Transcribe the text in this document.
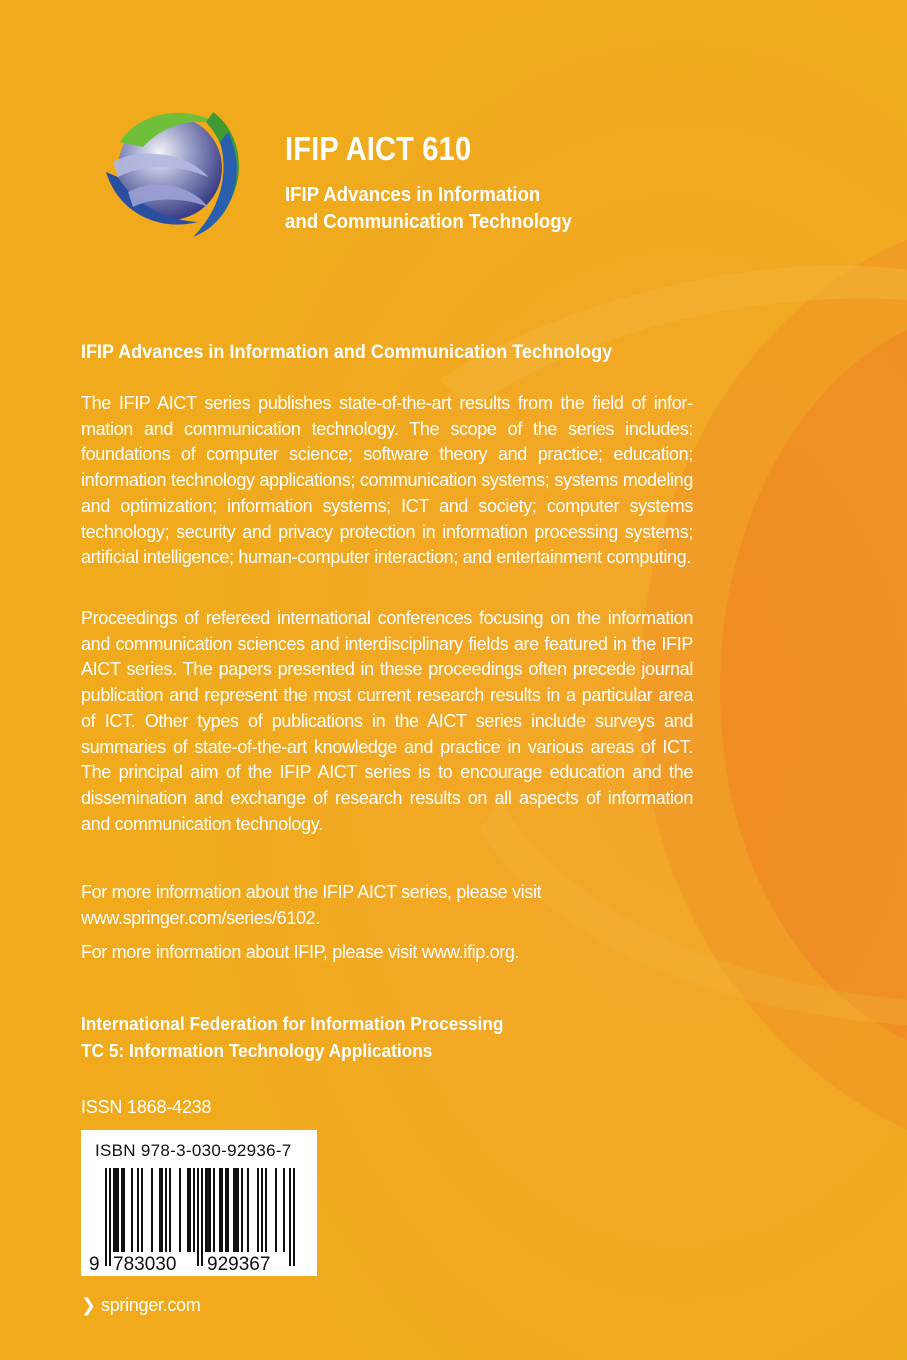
IFIP AICT 610
IFIP Advances in Information
and Communication Technology
IFIP Advances in Information and Communication Technology
The IFIP AICT series publishes state-of-the-art results from the field of information and communication technology. The scope of the series includes: foundations of computer science; software theory and practice; education; information technology applications; communication systems; systems modeling and optimization; information systems; ICT and society; computer systems technology; security and privacy protection in information processing systems; artificial intelligence; human-computer interaction; and entertainment computing.
Proceedings of refereed international conferences focusing on the information and communication sciences and interdisciplinary fields are featured in the IFIP AICT series. The papers presented in these proceedings often precede journal publication and represent the most current research results in a particular area of ICT. Other types of publications in the AICT series include surveys and summaries of state-of-the-art knowledge and practice in various areas of ICT. The principal aim of the IFIP AICT series is to encourage education and the dissemination and exchange of research results on all aspects of information and communication technology.
For more information about the IFIP AICT series, please visit www.springer.com/series/6102.
For more information about IFIP, please visit www.ifip.org.
International Federation for Information Processing
TC 5: Information Technology Applications
ISSN 1868-4238
ISBN 978-3-030-92936-7
9 783030 929367
❯ springer.com
